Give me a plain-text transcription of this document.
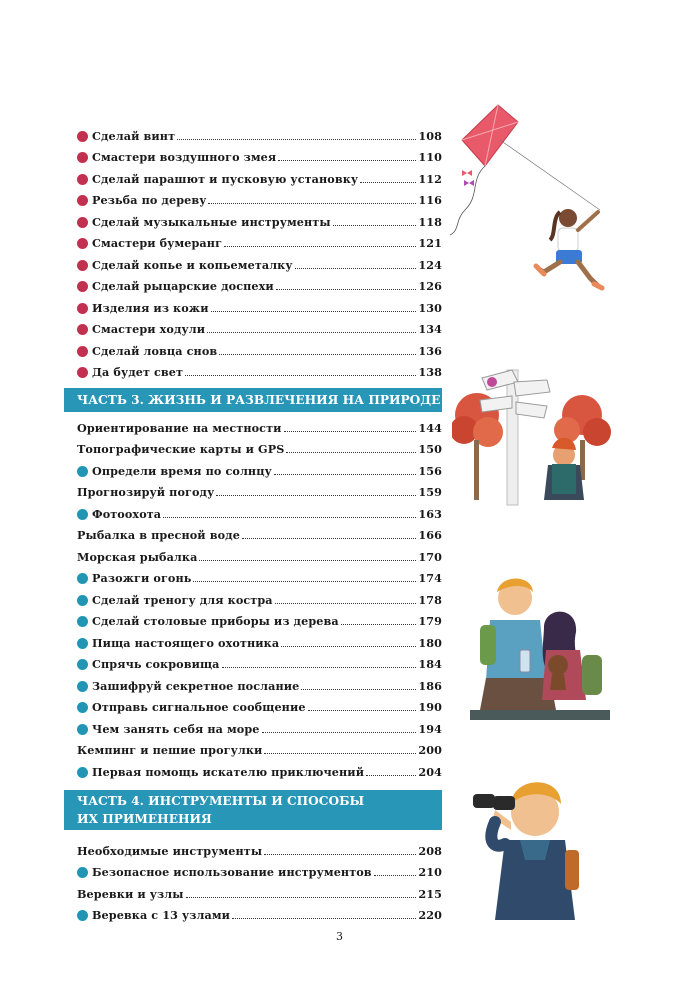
Сделай винт	108
Смастери воздушного змея	110
Сделай парашют и пусковую установку	112
Резьба по дереву	116
Сделай музыкальные инструменты	118
Смастери бумеранг	121
Сделай копье и копьеметалку	124
Сделай рыцарские доспехи	126
Изделия из кожи	130
Смастери ходули	134
Сделай ловца снов	136
Да будет свет	138
ЧАСТЬ 3. ЖИЗНЬ И РАЗВЛЕЧЕНИЯ НА ПРИРОДЕ
Ориентирование на местности	144
Топографические карты и GPS	150
Определи время по солнцу	156
Прогнозируй погоду	159
Фотоохота	163
Рыбалка в пресной воде	166
Морская рыбалка	170
Разожги огонь	174
Сделай треногу для костра	178
Сделай столовые приборы из дерева	179
Пища настоящего охотника	180
Спрячь сокровища	184
Зашифруй секретное послание	186
Отправь сигнальное сообщение	190
Чем занять себя на море	194
Кемпинг и пешие прогулки	200
Первая помощь искателю приключений	204
ЧАСТЬ 4. ИНСТРУМЕНТЫ И СПОСОБЫ
ИХ ПРИМЕНЕНИЯ
Необходимые инструменты	208
Безопасное использование инструментов	210
Веревки и узлы	215
Веревка с 13 узлами	220
3
